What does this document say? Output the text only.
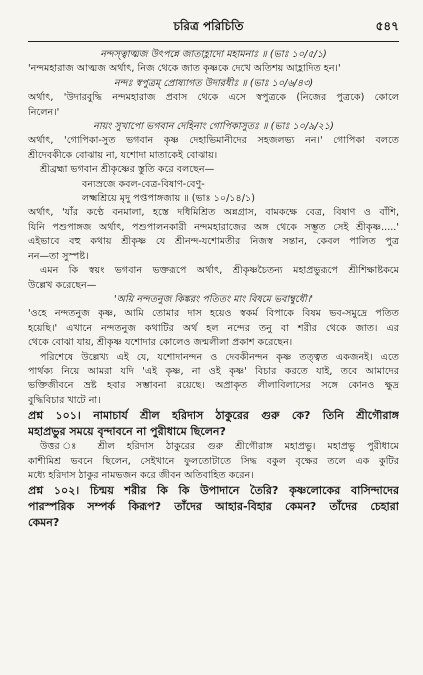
চরিত্র পরিচিতি	৫৪৭
নন্দস্ত্বাত্মজ উৎপন্নে জাতাহ্লাদো মহামনাঃ ॥ (ভাঃ ১০/৫/১)
'নন্দমহারাজ আত্মজ অর্থাৎ, নিজ থেকে জাত কৃষ্ণকে দেখে অতিশয় আহ্লাদিত হন।'
নন্দঃ স্বপুত্রম্ প্রোষ্যাগত উদারধীঃ ॥ (ভাঃ ১০/৬/৪৩)
অর্থাৎ, 'উদারবুদ্ধি নন্দমহারাজ প্রবাস থেকে এসে স্বপুত্রকে (নিজের পুত্রকে) কোলে
নিলেন।'
নায়ং সুখাপো ভগবান দেহিনাং গোপিকাসুতঃ ॥ (ভাঃ ১০/৯/২১)
অর্থাৎ, 'গোপিকা-সুত ভগবান কৃষ্ণ দেহাভিমানীদের সহজলভ্য নন।' গোপিকা বলতে
শ্রীদেবকীকে বোঝায় না, যশোদা মাতাকেই বোঝায়।
শ্রীব্রহ্মা ভগবান শ্রীকৃষ্ণের স্তুতি করে বলছেন—
বন্যস্রজে কবল-বেত্র-বিষাণ-বেণু-
লক্ষ্মশ্রিয়ে মৃদু পপ্তপাঙ্গজায় ॥ (ভাঃ ১০/১৪/১)
অর্থাৎ, 'যাঁর কণ্ঠে বনমালা, হস্তে দধিমিশ্রিত অন্নগ্রাস, বামকক্ষে বেত্র, বিষাণ ও বাঁশি,
যিনি পশুপাঙ্গজ অর্থাৎ, পশুপালনকারী নন্দমহারাজের অঙ্গ থেকে সম্ভূত সেই শ্রীকৃষ্ণ.....'
এইভাবে বহু কথায় শ্রীকৃষ্ণ যে শ্রীনন্দ-যশোমতীর নিজস্ব সন্তান, কেবল পালিত পুত্র
নন—তা সুস্পষ্ট।
এমন কি স্বয়ং ভগবান ভক্তরূপে অর্থাৎ, শ্রীকৃষ্ণচৈতন্য মহাপ্রভুরূপে শ্রীশিক্ষাষ্টকমে
উল্লেখ করেছেন—
'অয়ি নন্দতনুজ কিঙ্করং পতিতং মাং বিষমে ভবাম্বুধৌ।'
'ওহে নন্দতনুজ কৃষ্ণ, আমি তোমার দাস হয়েও স্বকর্ম বিপাকে বিষম ভব-সমুদ্রে পতিত
হয়েছি।' এখানে নন্দতনুজ কথাটির অর্থ হল নন্দের তনু বা শরীর থেকে জাত। এর
থেকে বোঝা যায়, শ্রীকৃষ্ণ যশোদার কোলেও জন্মলীলা প্রকাশ করেছেন।
পরিশেষে উল্লেখ্য এই যে, যশোদানন্দন ও দেবকীনন্দন কৃষ্ণ তত্ত্বত একজনই। এতে
পার্থক্য নিয়ে আমরা যদি 'এই কৃষ্ণ, না ওই কৃষ্ণ' বিচার করতে যাই, তবে আমাদের
ভক্তিজীবনে ভ্রষ্ট হবার সম্ভাবনা রয়েছে। অপ্রাকৃত লীলাবিলাসের সঙ্গে কোনও ক্ষুদ্র
বুদ্ধিবিচার খাটে না।
প্রশ্ন ১০১। নামাচার্য শ্রীল হরিদাস ঠাকুরের গুরু কে? তিনি শ্রীগৌরাঙ্গ
মহাপ্রভুর সময়ে বৃন্দাবনে না পুরীধামে ছিলেন?
উত্তর ঃ শ্রীল হরিদাস ঠাকুরের গুরু শ্রীগৌরাঙ্গ মহাপ্রভু। মহাপ্রভু পুরীধামে
কাশীমিশ্র ভবনে ছিলেন, সেইখানে ফুলতোটাতে সিদ্ধ বকুল বৃক্ষের তলে এক কুটির
মধ্যে হরিদাস ঠাকুর নামভজন করে জীবন অতিবাহিত করেন।
প্রশ্ন ১০২। চিন্ময় শরীর কি কি উপাদানে তৈরি? কৃষ্ণলোকের বাসিন্দাদের
পারস্পরিক সম্পর্ক কিরূপ? তাঁদের আহার-বিহার কেমন? তাঁদের চেহারা
কেমন?
